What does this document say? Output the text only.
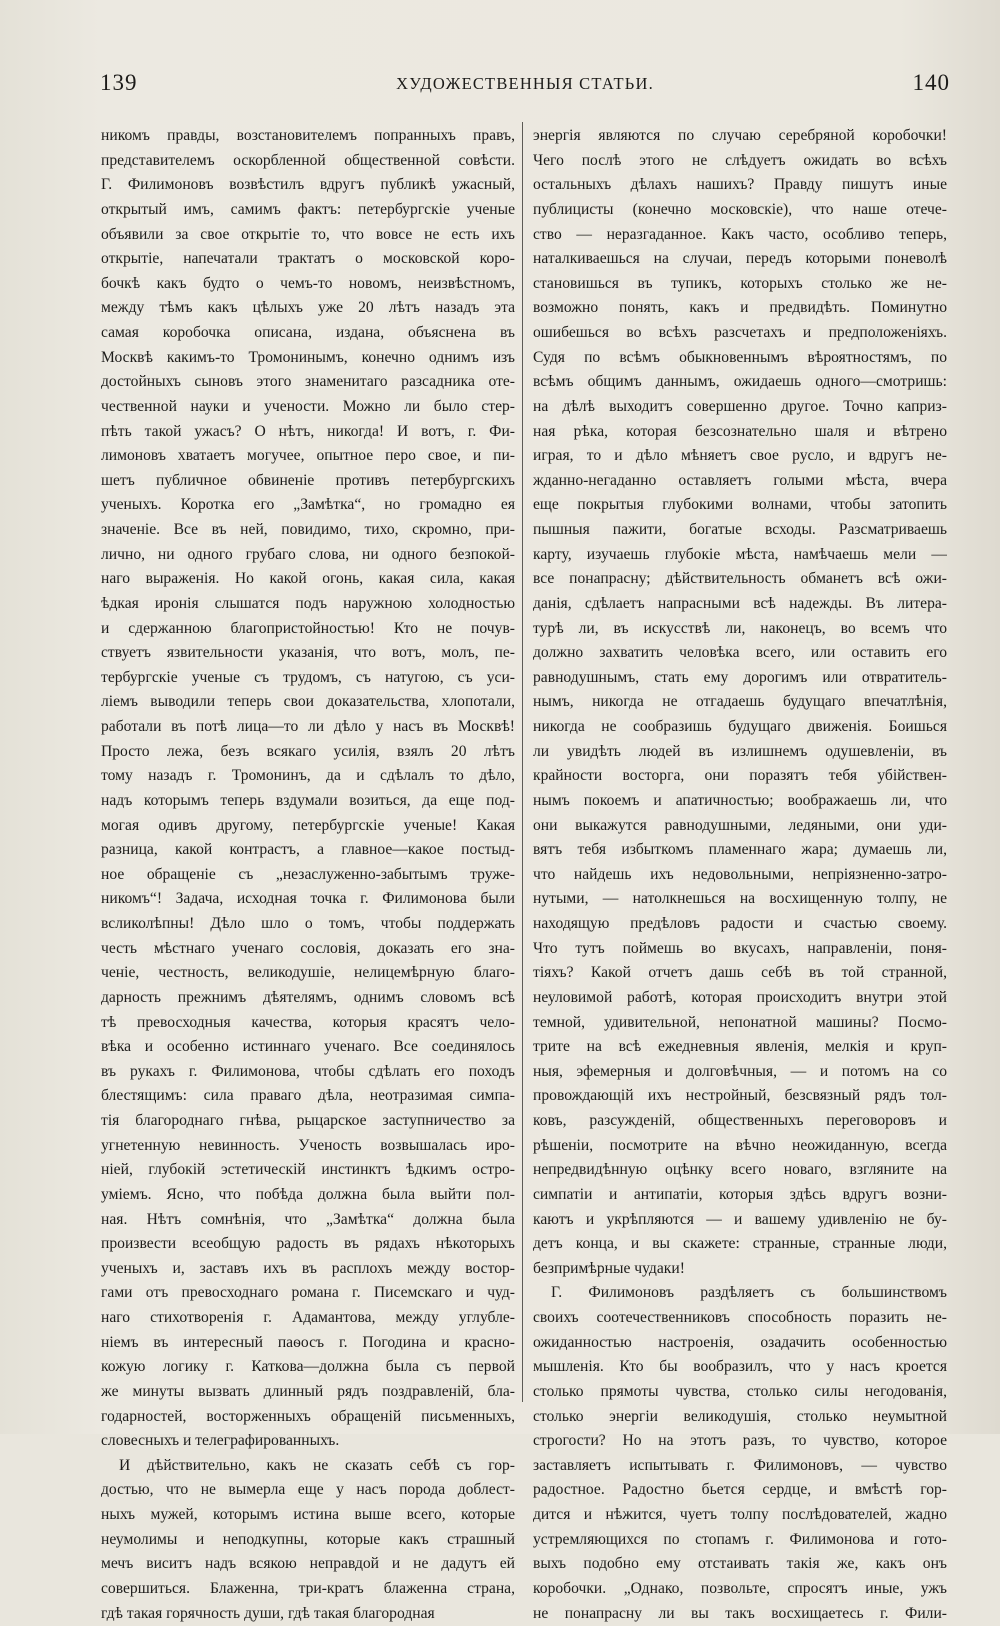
139	ХУДОЖЕСТВЕННЫЯ СТАТЬИ.	140
никомъ правды, возстановителемъ попранныхъ правъ,
представителемъ оскорбленной общественной совѣсти.
Г. Филимоновъ возвѣстилъ вдругъ публикѣ ужасный,
открытый имъ, самимъ фактъ: петербургскіе ученые
объявили за свое открытіе то, что вовсе не есть ихъ
открытіе, напечатали трактатъ о московской коро-
бочкѣ какъ будто о чемъ-то новомъ, неизвѣстномъ,
между тѣмъ какъ цѣлыхъ уже 20 лѣтъ назадъ эта
самая коробочка описана, издана, объяснена въ
Москвѣ какимъ-то Тромонинымъ, конечно однимъ изъ
достойныхъ сыновъ этого знаменитаго разсадника оте-
чественной науки и учености. Можно ли было стер-
пѣть такой ужасъ? О нѣтъ, никогда! И вотъ, г. Фи-
лимоновъ хватаетъ могучее, опытное перо свое, и пи-
шетъ публичное обвиненіе противъ петербургскихъ
ученыхъ. Коротка его „Замѣтка“, но громадно ея
значеніе. Все въ ней, повидимо, тихо, скромно, при-
лично, ни одного грубаго слова, ни одного безпокой-
наго выраженія. Но какой огонь, какая сила, какая
ѣдкая иронія слышатся подъ наружною холодностью
и сдержанною благопристойностью! Кто не почув-
ствуетъ язвительности указанія, что вотъ, молъ, пе-
тербургскіе ученые съ трудомъ, съ натугою, съ уси-
ліемъ выводили теперь свои доказательства, хлопотали,
работали въ потѣ лица—то ли дѣло у насъ въ Москвѣ!
Просто лежа, безъ всякаго усилія, взялъ 20 лѣтъ
тому назадъ г. Тромонинъ, да и сдѣлалъ то дѣло,
надъ которымъ теперь вздумали возиться, да еще под-
могая одивъ другому, петербургскіе ученые! Какая
разница, какой контрастъ, а главное—какое постыд-
ное обращеніе съ „незаслуженно-забытымъ труже-
никомъ“! Задача, исходная точка г. Филимонова были
всликолѣпны! Дѣло шло о томъ, чтобы поддержать
честь мѣстнаго ученаго сословія, доказать его зна-
ченіе, честность, великодушіе, нелицемѣрную благо-
дарность прежнимъ дѣятелямъ, однимъ словомъ всѣ
тѣ превосходныя качества, которыя красятъ чело-
вѣка и особенно истиннаго ученаго. Все соединялось
въ рукахъ г. Филимонова, чтобы сдѣлать его походъ
блестящимъ: сила праваго дѣла, неотразимая симпа-
тія благороднаго гнѣва, рыцарское заступничество за
угнетенную невинность. Ученость возвышалась иро-
ніей, глубокій эстетическій инстинктъ ѣдкимъ остро-
уміемъ. Ясно, что побѣда должна была выйти пол-
ная. Нѣтъ сомнѣнія, что „Замѣтка“ должна была
произвести всеобщую радость въ рядахъ нѣкоторыхъ
ученыхъ и, заставъ ихъ въ расплохъ между востор-
гами отъ превосходнаго романа г. Писемскаго и чуд-
наго стихотворенія г. Адамантова, между углублe-
ніемъ въ интересный паѳосъ г. Погодина и красно-
кожую логику г. Каткова—должна была съ первой
же минуты вызвать длинный рядъ поздравленій, бла-
годарностей, восторженныхъ обращеній письменныхъ,
словесныхъ и телеграфированныхъ.
И дѣйствительно, какъ не сказать себѣ съ гор-
достью, что не вымерла еще у насъ порода доблест-
ныхъ мужей, которымъ истина выше всего, которые
неумолимы и неподкупны, которые какъ страшный
мечъ виситъ надъ всякою неправдой и не дадутъ ей
совершиться. Блаженна, три-кратъ блаженна страна,
гдѣ такая горячность души, гдѣ такая благородная
энергія являются по случаю серебряной коробочки!
Чего послѣ этого не слѣдуетъ ожидать во всѣхъ
остальныхъ дѣлахъ нашихъ? Правду пишутъ иные
публицисты (конечно московскіе), что наше отече-
ство — неразгаданное. Какъ часто, особливо теперь,
наталкиваешься на случаи, передъ которыми поневолѣ
становишься въ тупикъ, которыхъ столько же не-
возможно понять, какъ и предвидѣть. Поминутно
ошибешься во всѣхъ разсчетахъ и предположеніяхъ.
Судя по всѣмъ обыкновеннымъ вѣроятностямъ, по
всѣмъ общимъ даннымъ, ожидаешь одного—смотришь:
на дѣлѣ выходитъ совершенно другое. Точно каприз-
ная рѣка, которая безсознательно шаля и вѣтрено
играя, то и дѣло мѣняетъ свое русло, и вдругъ не-
жданно-негаданно оставляетъ голыми мѣста, вчера
еще покрытыя глубокими волнами, чтобы затопить
пышныя пажити, богатые всходы. Разсматриваешь
карту, изучаешь глубокіе мѣста, намѣчаешь мели —
все понапрасну; дѣйствительность обманетъ всѣ ожи-
данія, сдѣлаетъ напрасными всѣ надежды. Въ литера-
турѣ ли, въ искусствѣ ли, наконецъ, во всемъ что
должно захватить человѣка всего, или оставить его
равнодушнымъ, стать ему дорогимъ или отвратитель-
нымъ, никогда не отгадаешь будущаго впечатлѣнія,
никогда не сообразишь будущаго движенія. Боишься
ли увидѣть людей въ излишнемъ одушевленіи, въ
крайности восторга, они поразятъ тебя убійствен-
нымъ покоемъ и апатичностью; воображаешь ли, что
они выкажутся равнодушными, ледяными, они уди-
вятъ тебя избыткомъ пламеннаго жара; думаешь ли,
что найдешь ихъ недовольными, непріязненно-затро-
нутыми, — натолкнешься на восхищенную толпу, не
находящую предѣловъ радости и счастью своему.
Что тутъ поймешь во вкусахъ, направленіи, поня-
тіяхъ? Какой отчетъ дашь себѣ въ той странной,
неуловимой работѣ, которая происходитъ внутри этой
темной, удивительной, непонатной машины? Посмо-
трите на всѣ ежедневныя явленія, мелкія и круп-
ныя, эфемерныя и долговѣчныя, — и потомъ на со
провождающій ихъ нестройный, безсвязный рядъ тол-
ковъ, разсужденій, общественныхъ переговоровъ и
рѣшеніи, посмотрите на вѣчно неожиданную, всегда
непредвидѣнную оцѣнку всего новаго, взгляните на
симпатіи и антипатіи, которыя здѣсь вдругъ возни-
каютъ и укрѣпляются — и вашему удивленію не бу-
детъ конца, и вы скажете: странные, странные люди,
безпримѣрные чудаки!
Г. Филимоновъ раздѣляетъ съ большинствомъ
своихъ соотечественниковъ способность поразить не-
ожиданностью настроенія, озадачить особенностью
мышленія. Кто бы вообразилъ, что у насъ кроется
столько прямоты чувства, столько силы негодованія,
столько энергіи великодушія, столько неумытной
строгости? Но на этотъ разъ, то чувство, которое
заставляетъ испытывать г. Филимоновъ, — чувство
радостное. Радостно бьется сердце, и вмѣстѣ гор-
дится и нѣжится, чуетъ толпу послѣдователей, жадно
устремляющихся по стопамъ г. Филимонова и гото-
выхъ подобно ему отстаивать такія же, какъ онъ
коробочки. „Однако, позвольте, спросятъ иные, ужъ
не понапрасну ли вы такъ восхищаетесь г. Фили-
